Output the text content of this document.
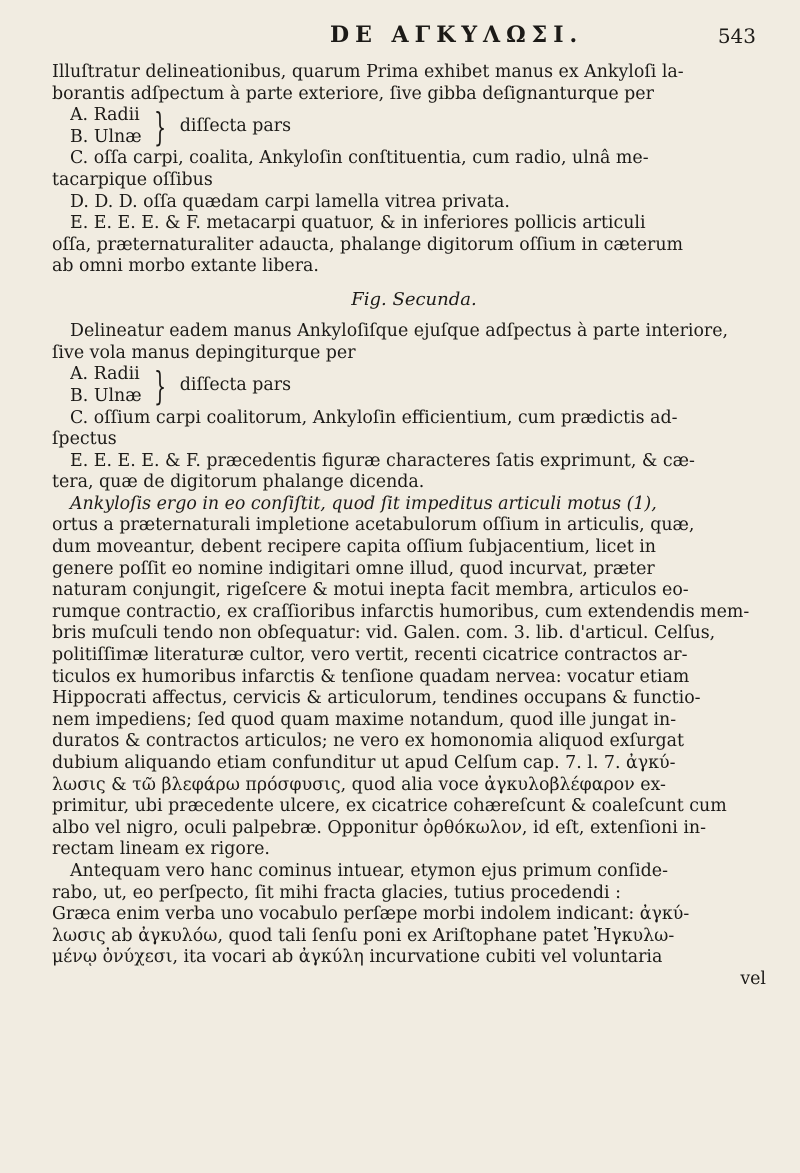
DE ΑΓΚΥΛΩΣΙ.	543
Illuſtratur delineationibus, quarum Prima exhibet manus ex Ankyloſi la-
borantis adſpectum à parte exteriore, ſive gibba deſignanturque per
A. Radii
B. Ulnæ } diſſecta pars
C. oſſa carpi, coalita, Ankyloſin conſtituentia, cum radio, ulnâ me-
tacarpique oſſibus
D. D. D. oſſa quædam carpi lamella vitrea privata.
E. E. E. E. & F. metacarpi quatuor, & in inferiores pollicis articuli
oſſa, præternaturaliter adaucta, phalange digitorum oſſium in cæterum
ab omni morbo extante libera.
Fig. Secunda.
Delineatur eadem manus Ankyloſiſque ejuſque adſpectus à parte interiore,
ſive vola manus depingiturque per
A. Radii
B. Ulnæ } diſſecta pars
C. oſſium carpi coalitorum, Ankyloſin efficientium, cum prædictis ad-
ſpectus
E. E. E. E. & F. præcedentis figuræ characteres ſatis exprimunt, & cæ-
tera, quæ de digitorum phalange dicenda.
Ankyloſis ergo in eo conſiſtit, quod ſit impeditus articuli motus (1),
ortus a præternaturali impletione acetabulorum oſſium in articulis, quæ,
dum moveantur, debent recipere capita oſſium ſubjacentium, licet in
genere poſſit eo nomine indigitari omne illud, quod incurvat, præter
naturam conjungit, rigeſcere & motui inepta facit membra, articulos eo-
rumque contractio, ex craſſioribus infarctis humoribus, cum extendendis mem-
bris muſculi tendo non obſequatur: vid. Galen. com. 3. lib. d'articul. Celſus,
politiſſimæ literaturæ cultor, vero vertit, recenti cicatrice contractos ar-
ticulos ex humoribus infarctis & tenſione quadam nervea: vocatur etiam
Hippocrati affectus, cervicis & articulorum, tendines occupans & functio-
nem impediens; ſed quod quam maxime notandum, quod ille jungat in-
duratos & contractos articulos; ne vero ex homonomia aliquod exſurgat
dubium aliquando etiam confunditur ut apud Celſum cap. 7. l. 7. ἀγκύ-
λωσις & τῶ βλεφάρω πρόσφυσις, quod alia voce ἀγκυλοβλέφαρον ex-
primitur, ubi præcedente ulcere, ex cicatrice cohæreſcunt & coaleſcunt cum
albo vel nigro, oculi palpebræ. Opponitur ὀρθόκωλον, id eſt, extenſioni in-
rectam lineam ex rigore.
Antequam vero hanc cominus intuear, etymon ejus primum conſide-
rabo, ut, eo perſpecto, ſit mihi fracta glacies, tutius procedendi :
Græca enim verba uno vocabulo perſæpe morbi indolem indicant: ἀγκύ-
λωσις ab ἀγκυλόω, quod tali ſenſu poni ex Ariſtophane patet Ἠγκυλω-
μένῳ ὀνύχεσι, ita vocari ab ἀγκύλη incurvatione cubiti vel voluntaria
vel
